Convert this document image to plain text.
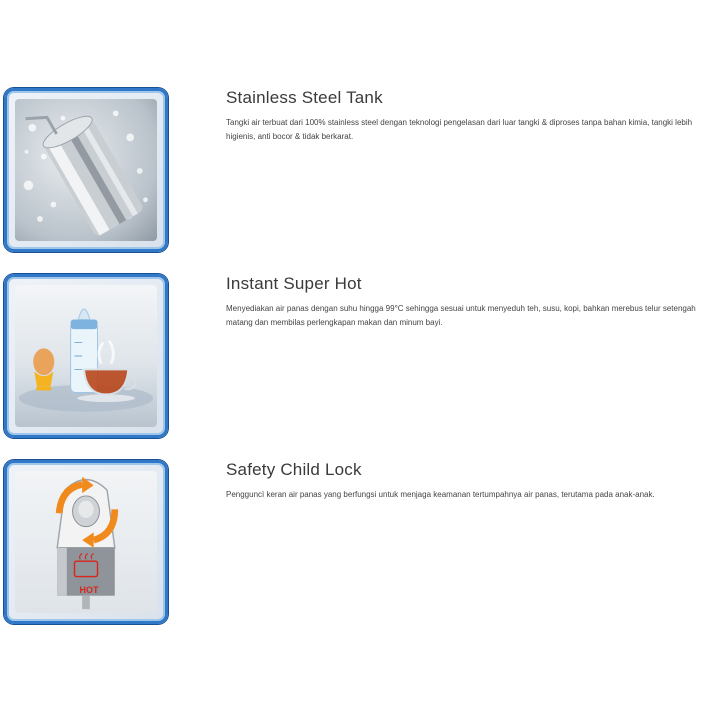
Stainless Steel Tank
Tangki air terbuat dari 100% stainless steel dengan teknologi pengelasan dari luar tangki & diproses tanpa bahan kimia, tangki lebih higienis, anti bocor & tidak berkarat.
Instant Super Hot
Menyediakan air panas dengan suhu hingga 99°C sehingga sesuai untuk menyeduh teh, susu, kopi, bahkan merebus telur setengah matang dan membilas perlengkapan makan dan minum bayi.
HOT
Safety Child Lock
Pengguncì keran air panas yang berfungsi untuk menjaga keamanan tertumpahnya air panas, terutama pada anak-anak.
